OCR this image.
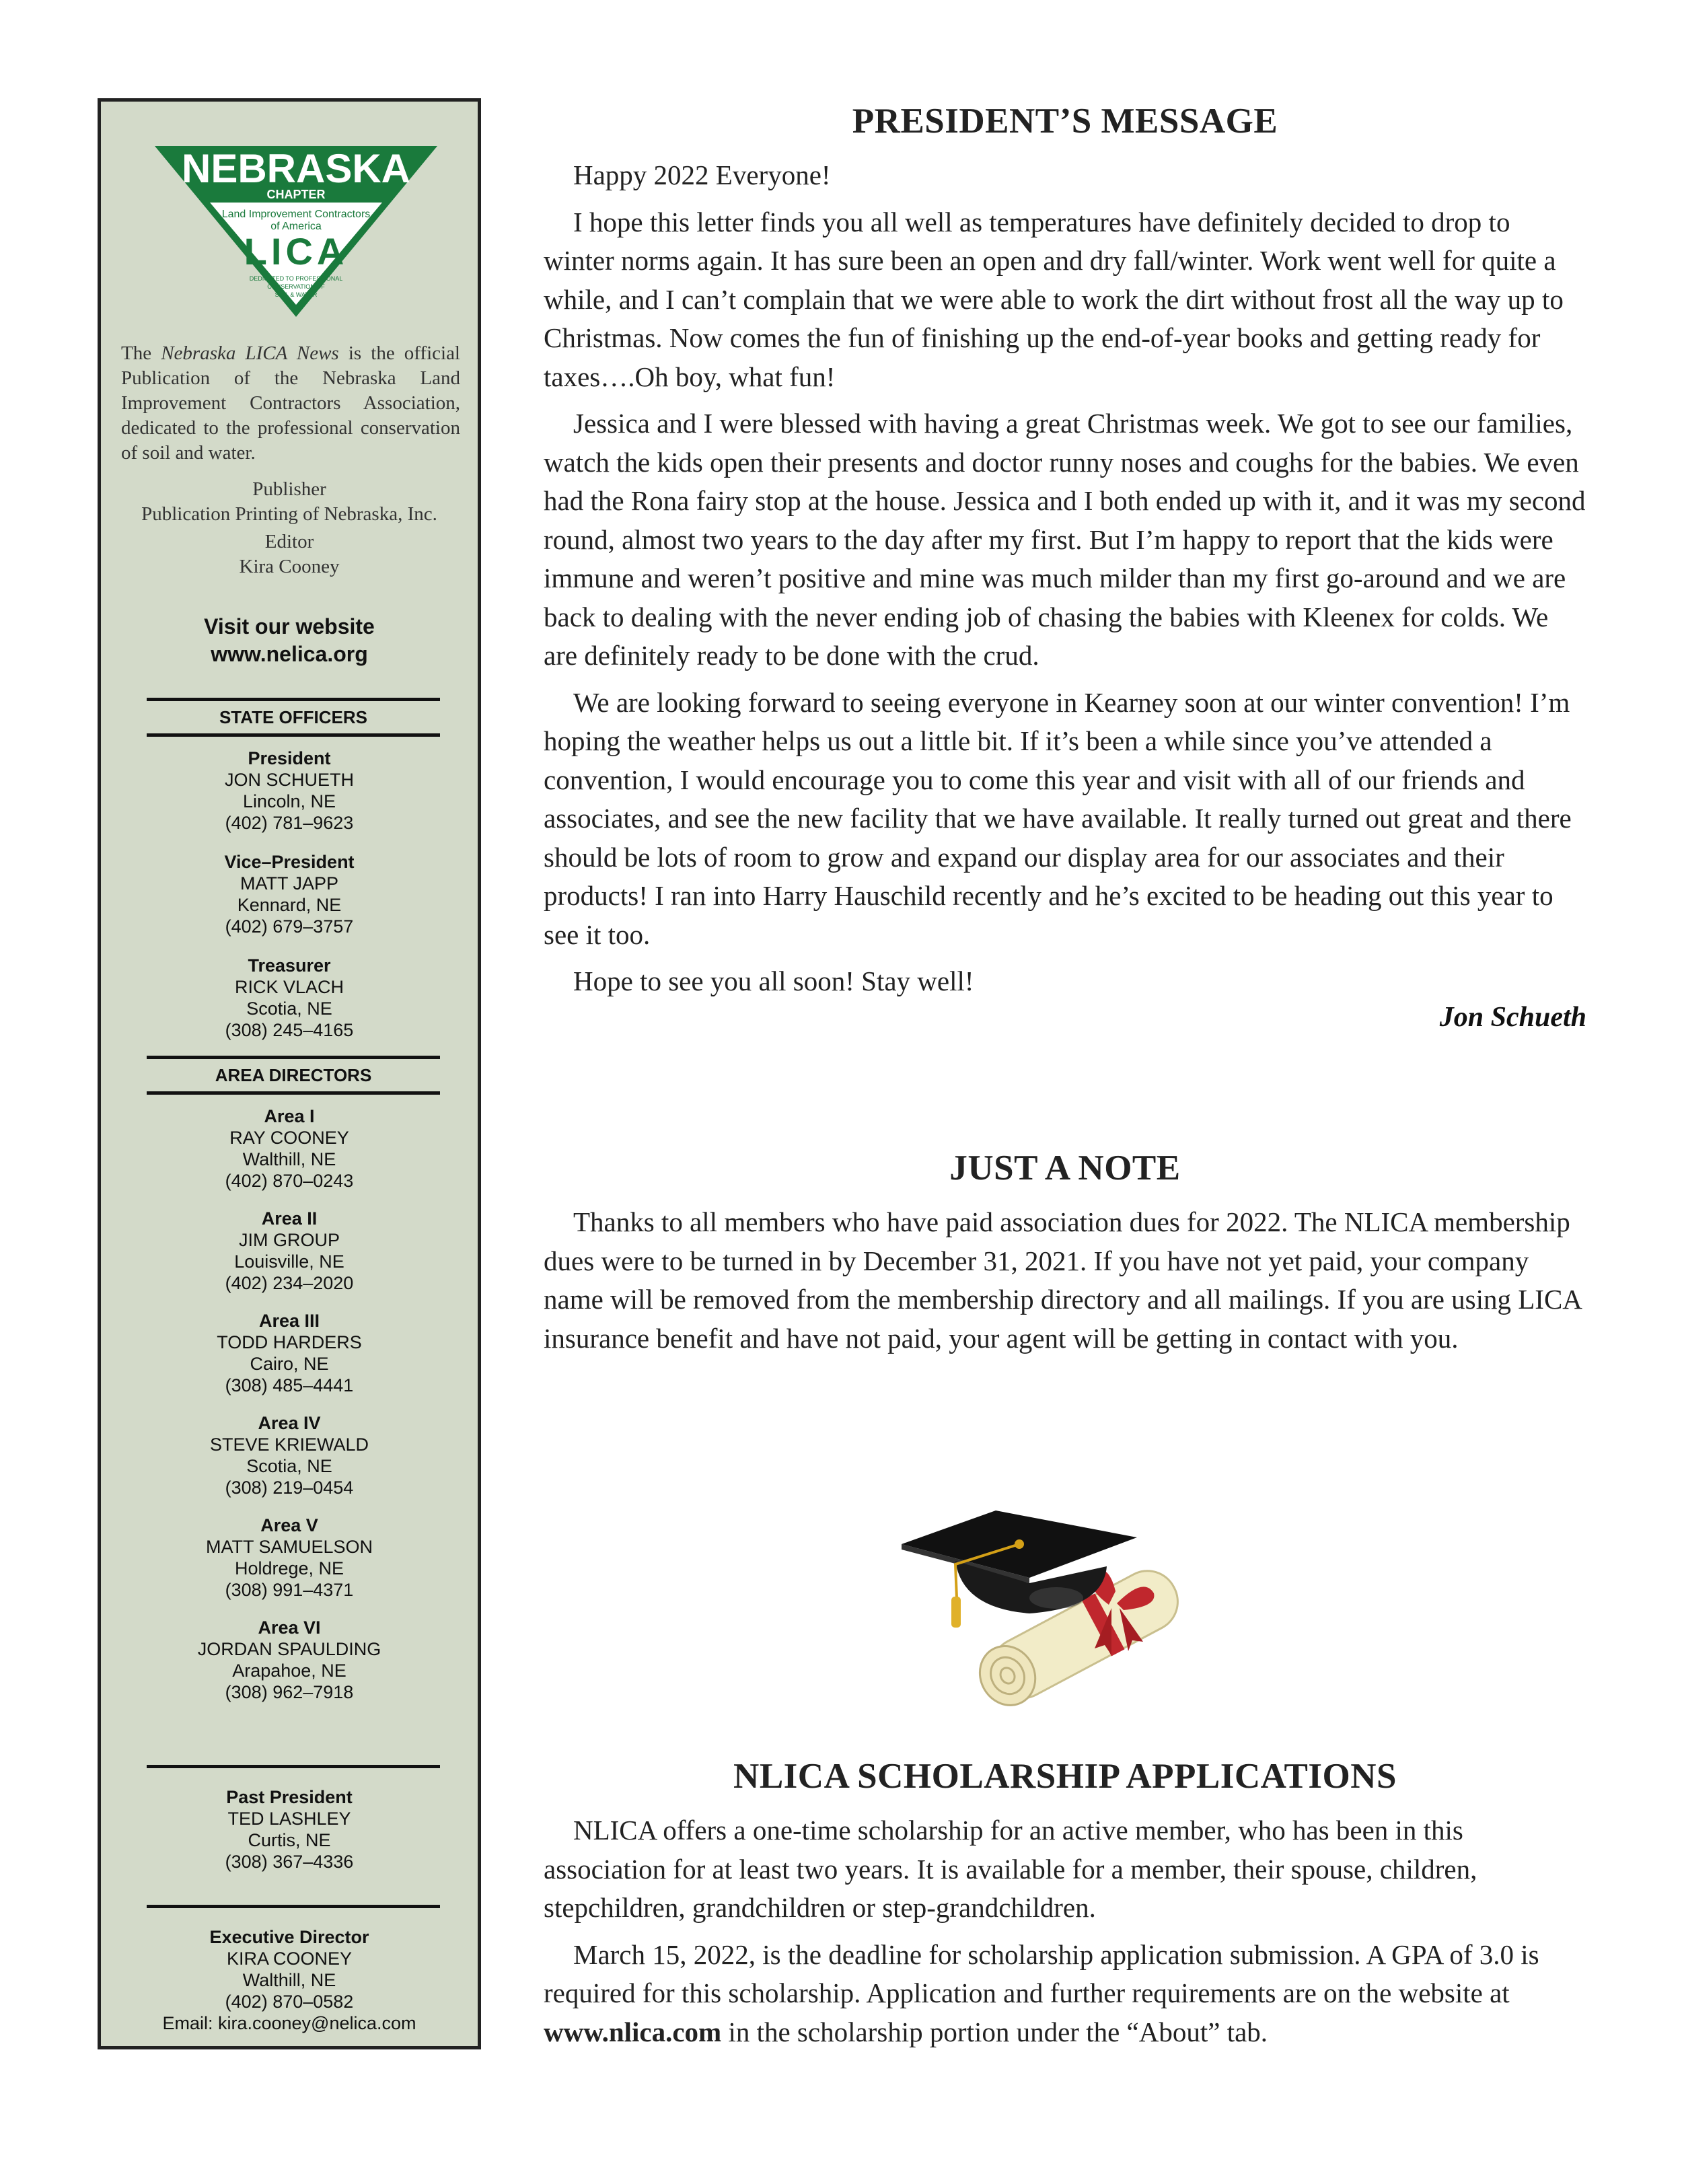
NEBRASKA
CHAPTER
Land Improvement Contractors
of America
LICA
DEDICATED TO PROFESSIONAL
CONSERVATION OF
SOIL & WATER

The Nebraska LICA News is the official Publication of the Nebraska Land Improvement Contractors Association, dedicated to the professional conservation of soil and water.

Publisher
Publication Printing of Nebraska, Inc.
Editor
Kira Cooney
Visit our website
www.nelica.org
STATE OFFICERS
President
JON SCHUETH
Lincoln, NE
(402) 781–9623
Vice–President
MATT JAPP
Kennard, NE
(402) 679–3757
Treasurer
RICK VLACH
Scotia, NE
(308) 245–4165
AREA DIRECTORS
Area I
RAY COONEY
Walthill, NE
(402) 870–0243
Area II
JIM GROUP
Louisville, NE
(402) 234–2020
Area III
TODD HARDERS
Cairo, NE
(308) 485–4441
Area IV
STEVE KRIEWALD
Scotia, NE
(308) 219–0454
Area V
MATT SAMUELSON
Holdrege, NE
(308) 991–4371
Area VI
JORDAN SPAULDING
Arapahoe, NE
(308) 962–7918
Past President
TED LASHLEY
Curtis, NE
(308) 367–4336
Executive Director
KIRA COONEY
Walthill, NE
(402) 870–0582
Email: kira.cooney@nelica.com
PRESIDENT’S MESSAGE

Happy 2022 Everyone!

I hope this letter finds you all well as temperatures have definitely decided to drop to winter norms again. It has sure been an open and dry fall/winter. Work went well for quite a while, and I can’t complain that we were able to work the dirt without frost all the way up to Christmas. Now comes the fun of finishing up the end-of-year books and getting ready for taxes….Oh boy, what fun!

Jessica and I were blessed with having a great Christmas week. We got to see our families, watch the kids open their presents and doctor runny noses and coughs for the babies. We even had the Rona fairy stop at the house. Jessica and I both ended up with it, and it was my second round, almost two years to the day after my first. But I’m happy to report that the kids were immune and weren’t positive and mine was much milder than my first go-around and we are back to dealing with the never ending job of chasing the babies with Kleenex for colds. We are definitely ready to be done with the crud.

We are looking forward to seeing everyone in Kearney soon at our winter convention! I’m hoping the weather helps us out a little bit. If it’s been a while since you’ve attended a convention, I would encourage you to come this year and visit with all of our friends and associates, and see the new facility that we have available. It really turned out great and there should be lots of room to grow and expand our display area for our associates and their products! I ran into Harry Hauschild recently and he’s excited to be heading out this year to see it too.

Hope to see you all soon! Stay well!

Jon Schueth

JUST A NOTE

Thanks to all members who have paid association dues for 2022. The NLICA membership dues were to be turned in by December 31, 2021. If you have not yet paid, your company name will be removed from the membership directory and all mailings. If you are using LICA insurance benefit and have not paid, your agent will be getting in contact with you.

NLICA SCHOLARSHIP APPLICATIONS

NLICA offers a one-time scholarship for an active member, who has been in this association for at least two years. It is available for a member, their spouse, children, stepchildren, grandchildren or step-grandchildren.

March 15, 2022, is the deadline for scholarship application submission. A GPA of 3.0 is required for this scholarship. Application and further requirements are on the website at www.nlica.com in the scholarship portion under the “About” tab.
